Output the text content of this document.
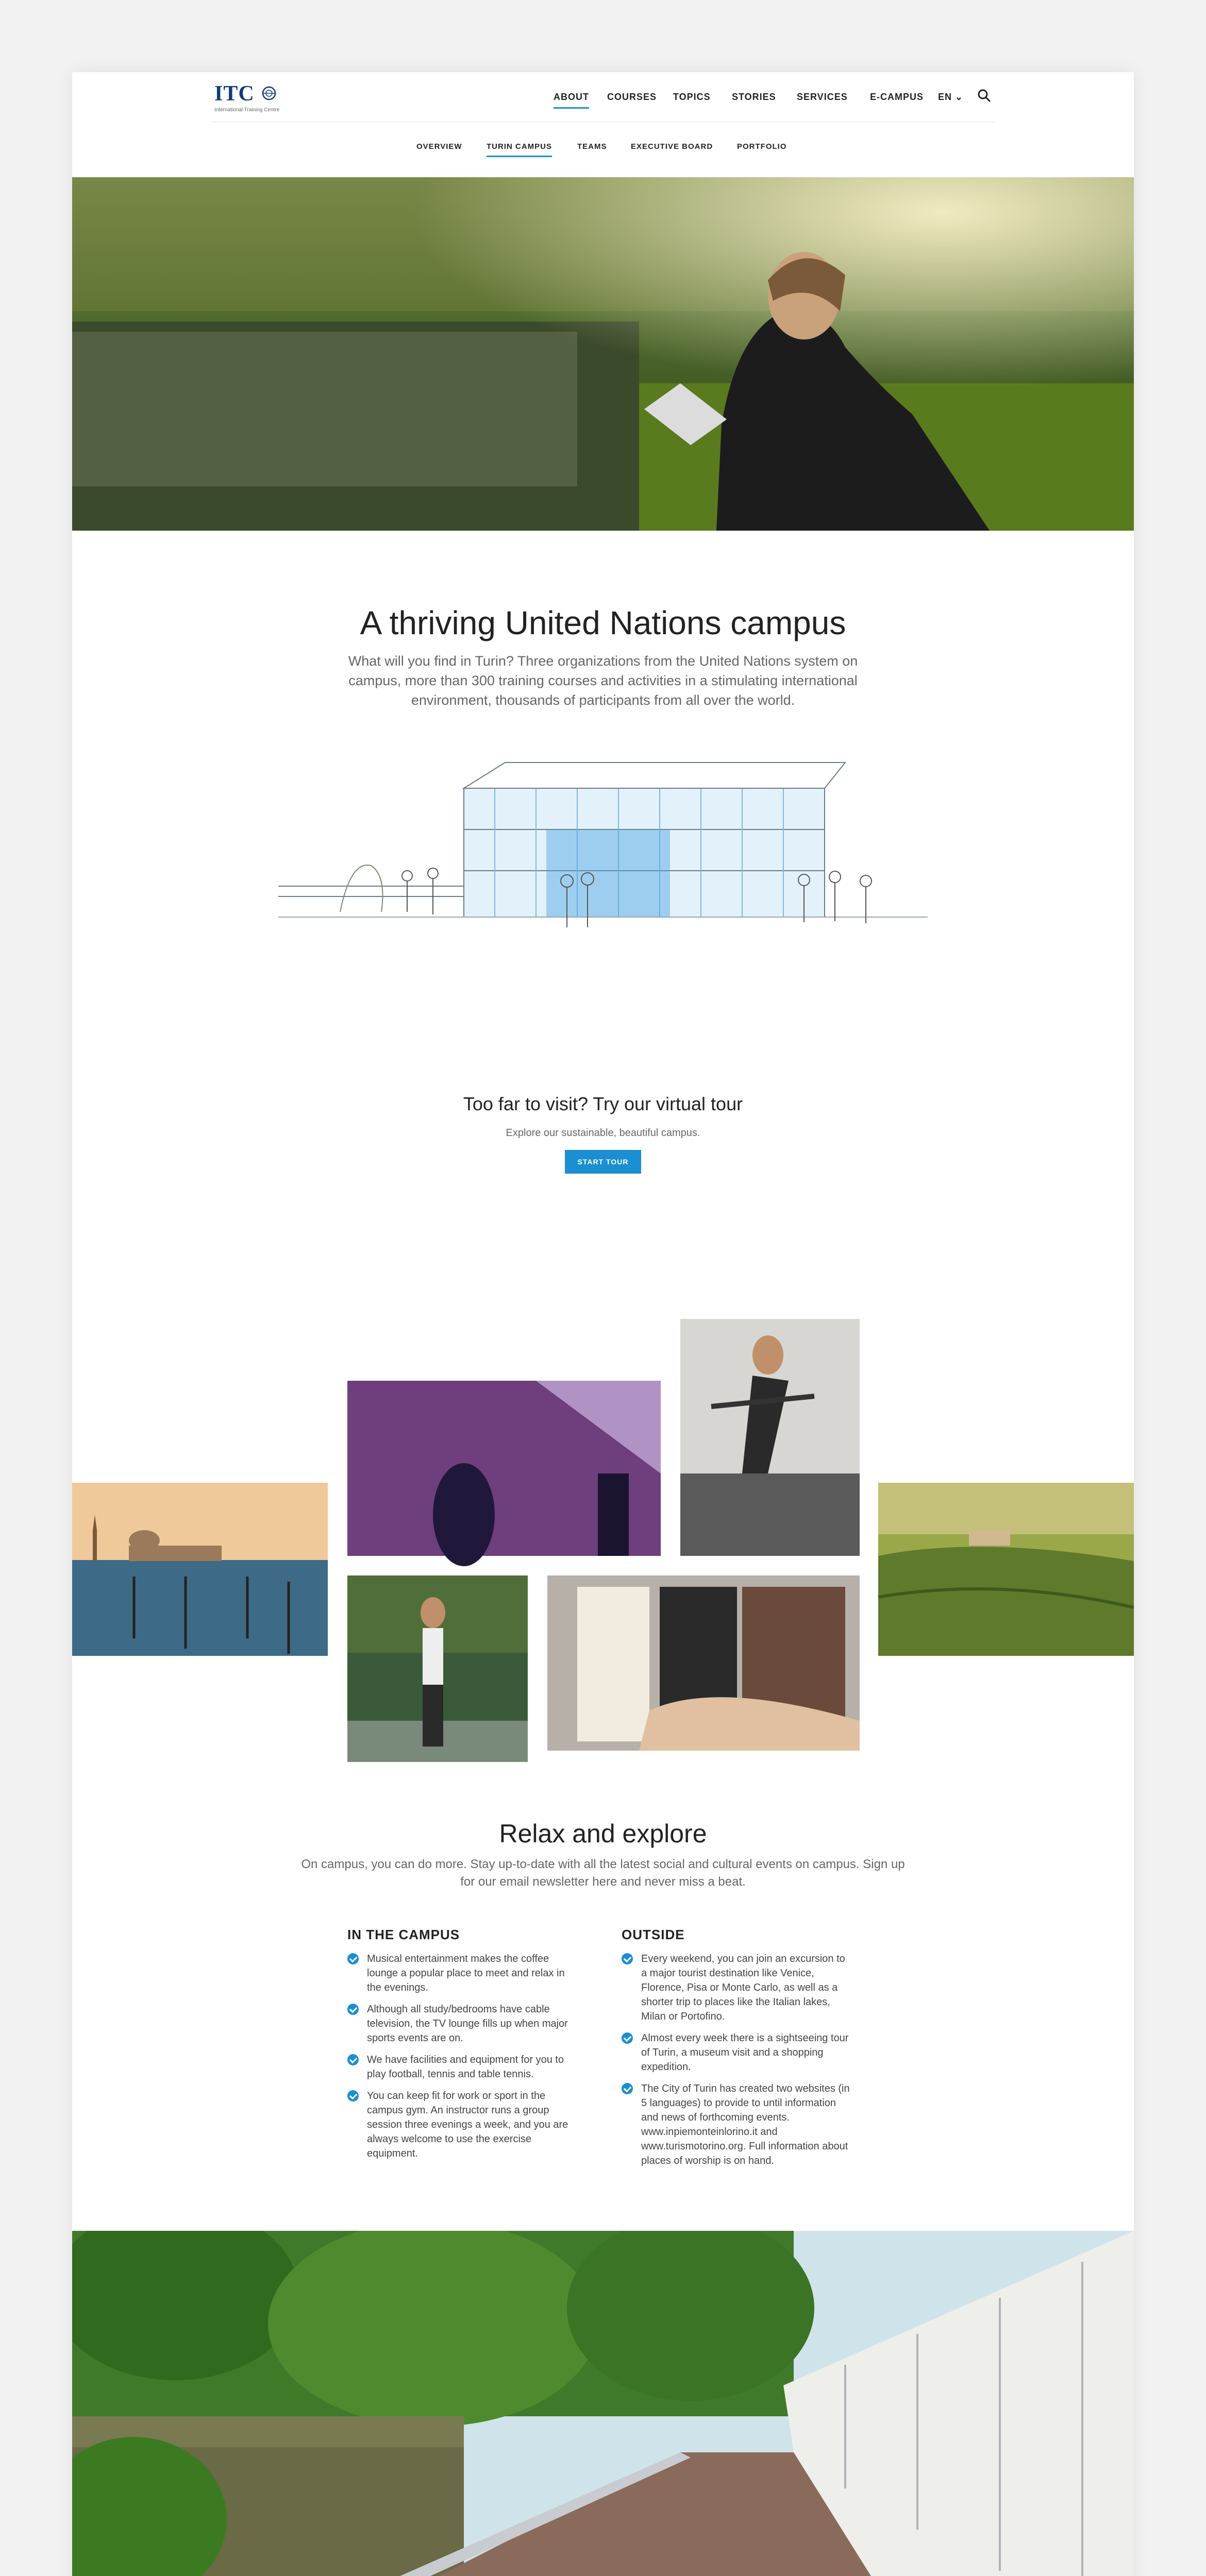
ITC
International Training Centre
ABOUT COURSES TOPICS STORIES SERVICES E-CAMPUS EN ⌄
OVERVIEW	TURIN CAMPUS	TEAMS	EXECUTIVE BOARD	PORTFOLIO
A thriving United Nations campus
What will you find in Turin? Three organizations from the United Nations system on campus, more than 300 training courses and activities in a stimulating international environment, thousands of participants from all over the world.
Too far to visit? Try our virtual tour
Explore our sustainable, beautiful campus.
START TOUR
Relax and explore
On campus, you can do more. Stay up-to-date with all the latest social and cultural events on campus. Sign up for our email newsletter here and never miss a beat.
IN THE CAMPUS
Musical entertainment makes the coffee lounge a popular place to meet and relax in the evenings.
Although all study/bedrooms have cable television, the TV lounge fills up when major sports events are on.
We have facilities and equipment for you to play football, tennis and table tennis.
You can keep fit for work or sport in the campus gym. An instructor runs a group session three evenings a week, and you are always welcome to use the exercise equipment.
OUTSIDE
Every weekend, you can join an excursion to a major tourist destination like Venice, Florence, Pisa or Monte Carlo, as well as a shorter trip to places like the Italian lakes, Milan or Portofino.
Almost every week there is a sightseeing tour of Turin, a museum visit and a shopping expedition.
The City of Turin has created two websites (in 5 languages) to provide to until information and news of forthcoming events. www.inpiemonteinlorino.it and www.turismotorino.org. Full information about places of worship is on hand.
